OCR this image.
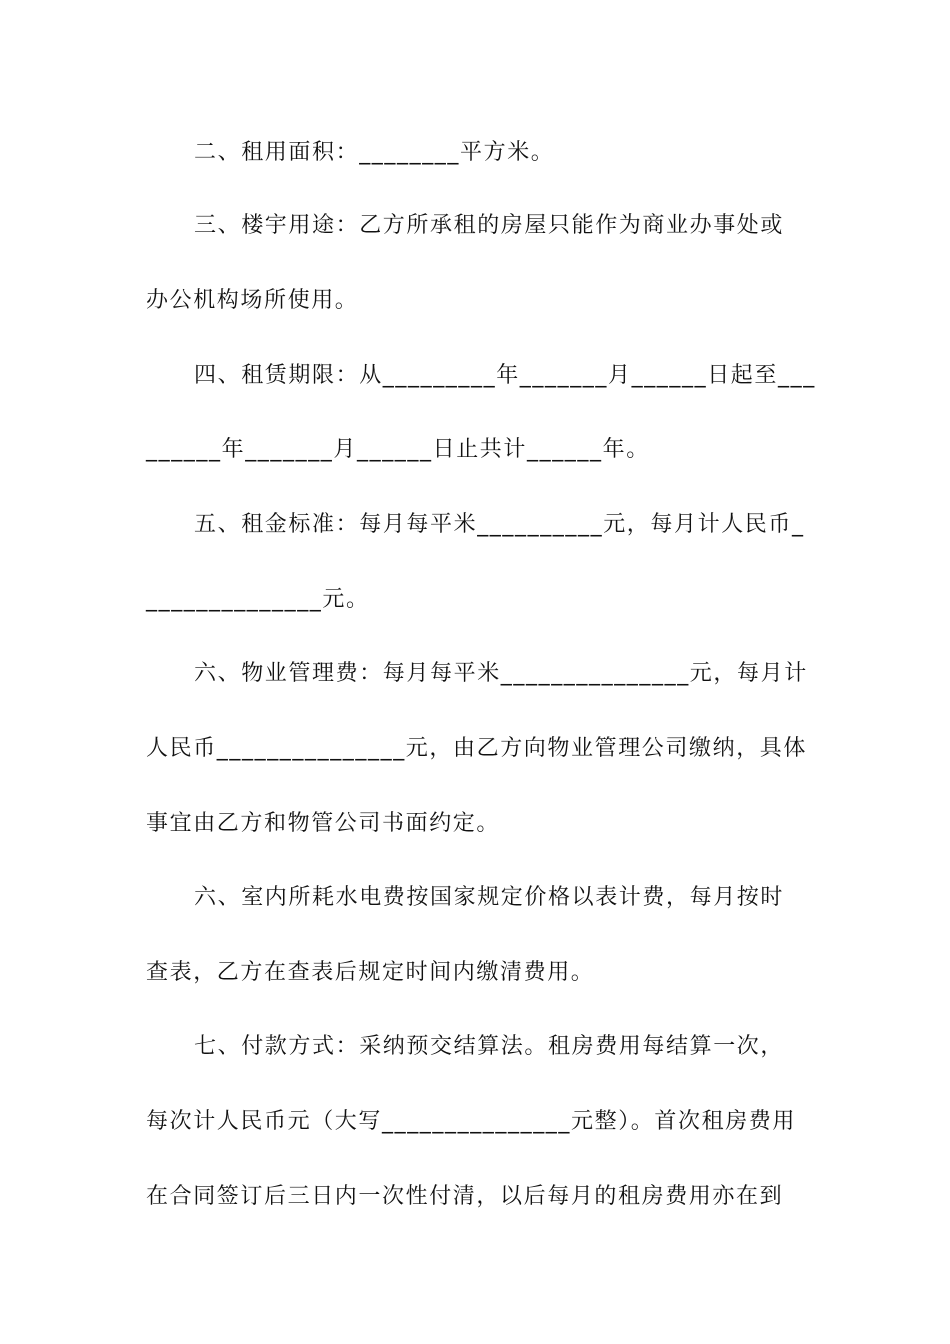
二、租用面积：________平方米。
三、楼宇用途：乙方所承租的房屋只能作为商业办事处或
办公机构场所使用。
四、租赁期限：从_________年_______月______日起至___
______年_______月______日止共计______年。
五、租金标准：每月每平米__________元，每月计人民币_
______________元。
六、物业管理费：每月每平米_______________元，每月计
人民币_______________元，由乙方向物业管理公司缴纳，具体
事宜由乙方和物管公司书面约定。
六、室内所耗水电费按国家规定价格以表计费，每月按时
查表，乙方在查表后规定时间内缴清费用。
七、付款方式：采纳预交结算法。租房费用每结算一次，
每次计人民币元（大写_______________元整）。首次租房费用
在合同签订后三日内一次性付清，以后每月的租房费用亦在到
